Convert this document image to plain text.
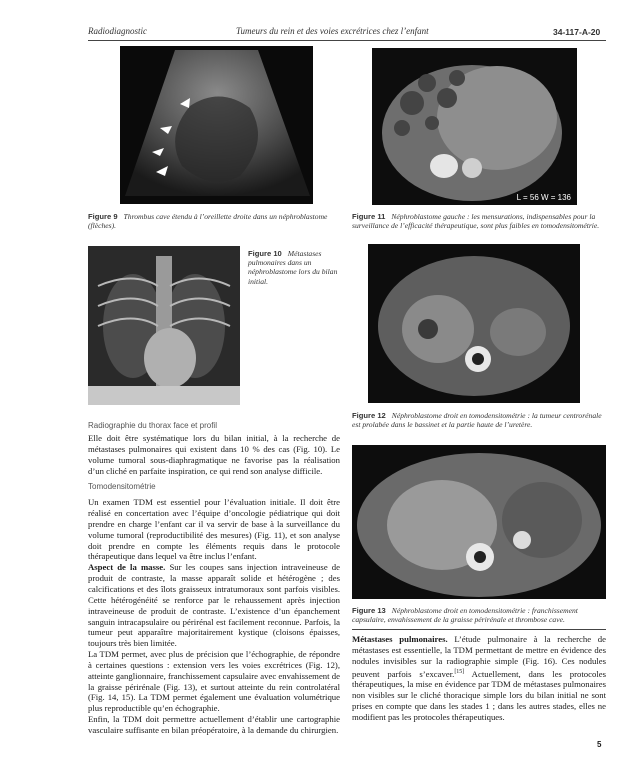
Radiodiagnostic	Tumeurs du rein et des voies excrétrices chez l’enfant	34-117-A-20
Figure 9 Thrombus cave étendu à l’oreillette droite dans un néphroblastome (flèches).
L = 56 W = 136
Figure 11 Néphroblastome gauche : les mensurations, indispensables pour la surveillance de l’efficacité thérapeutique, sont plus faibles en tomodensitométrie.
Figure 10 Métastases pulmonaires dans un néphroblastome lors du bilan initial.
Figure 12 Néphroblastome droit en tomodensitométrie : la tumeur centrorénale est prolabée dans le bassinet et la partie haute de l’uretère.
Figure 13 Néphroblastome droit en tomodensitométrie : franchissement capsulaire, envahissement de la graisse périrénale et thrombose cave.
Radiographie du thorax face et profil

Elle doit être systématique lors du bilan initial, à la recherche de métastases pulmonaires qui existent dans 10 % des cas (Fig. 10). Le volume tumoral sous-diaphragmatique ne favorise pas la réalisation d’un cliché en parfaite inspiration, ce qui rend son analyse difficile.

Tomodensitométrie

Un examen TDM est essentiel pour l’évaluation initiale. Il doit être réalisé en concertation avec l’équipe d’oncologie pédiatrique qui doit prendre en charge l’enfant car il va servir de base à la surveillance du volume tumoral (reproductibilité des mesures) (Fig. 11), et son analyse doit prendre en compte les éléments requis dans le protocole thérapeutique dans lequel va être inclus l’enfant.

Aspect de la masse. Sur les coupes sans injection intraveineuse de produit de contraste, la masse apparaît solide et hétérogène ; des calcifications et des îlots graisseux intratumoraux sont parfois visibles. Cette hétérogénéité se renforce par le rehaussement après injection intraveineuse de produit de contraste. L’existence d’un épanchement sanguin intracapsulaire ou périrénal est facilement reconnue. Parfois, la tumeur peut apparaître majoritairement kystique (cloisons épaisses, toujours très bien limitée.

La TDM permet, avec plus de précision que l’échographie, de répondre à certaines questions : extension vers les voies excrétrices (Fig. 12), atteinte ganglionnaire, franchissement capsulaire avec envahissement de la graisse périrénale (Fig. 13), et surtout atteinte du rein controlatéral (Fig. 14, 15). La TDM permet également une évaluation volumétrique plus reproductible qu’en échographie.

Enfin, la TDM doit permettre actuellement d’établir une cartographie vasculaire suffisante en bilan préopératoire, à la demande du chirurgien.

Métastases pulmonaires. L’étude pulmonaire à la recherche de métastases est essentielle, la TDM permettant de mettre en évidence des nodules invisibles sur la radiographie simple (Fig. 16). Ces nodules peuvent parfois s’excaver.[15] Actuellement, dans les protocoles thérapeutiques, la mise en évidence par TDM de métastases pulmonaires non visibles sur le cliché thoracique simple lors du bilan initial ne sont prises en compte que dans les stades 1 ; dans les autres stades, elles ne modifient pas les protocoles thérapeutiques.

5
